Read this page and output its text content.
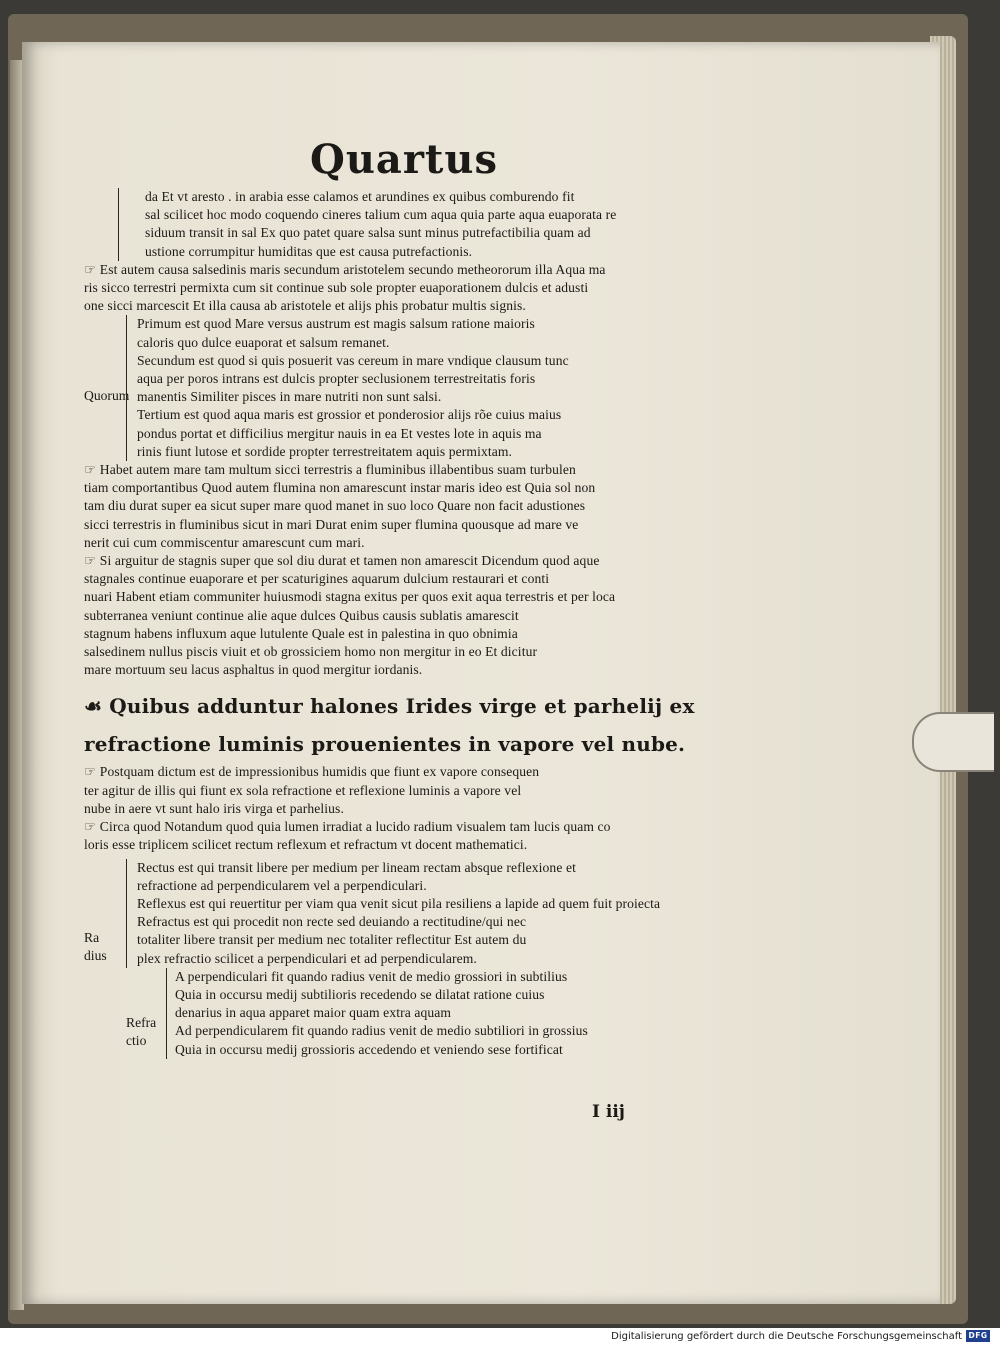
Quartus
da Et vt aresto . in arabia esse calamos et arundines ex quibus comburendo fit
sal scilicet hoc modo coquendo cineres talium cum aqua quia parte aqua euaporata re
siduum transit in sal Ex quo patet quare salsa sunt minus putrefactibilia quam ad
ustione corrumpitur humiditas que est causa putrefactionis.
☞ Est autem causa salsedinis maris secundum aristotelem secundo metheororum illa Aqua ma
ris sicco terrestri permixta cum sit continue sub sole propter euaporationem dulcis et adusti
one sicci marcescit Et illa causa ab aristotele et alijs phis probatur multis signis.
Quorum
Primum est quod Mare versus austrum est magis salsum ratione maioris
caloris quo dulce euaporat et salsum remanet.
Secundum est quod si quis posuerit vas cereum in mare vndique clausum tunc
aqua per poros intrans est dulcis propter seclusionem terrestreitatis foris
manentis Similiter pisces in mare nutriti non sunt salsi.
Tertium est quod aqua maris est grossior et ponderosior alijs rõe cuius maius
pondus portat et difficilius mergitur nauis in ea Et vestes lote in aquis ma
rinis fiunt lutose et sordide propter terrestreitatem aquis permixtam.
☞ Habet autem mare tam multum sicci terrestris a fluminibus illabentibus suam turbulen
tiam comportantibus Quod autem flumina non amarescunt instar maris ideo est Quia sol non
tam diu durat super ea sicut super mare quod manet in suo loco Quare non facit adustiones
sicci terrestris in fluminibus sicut in mari Durat enim super flumina quousque ad mare ve
nerit cui cum commiscentur amarescunt cum mari.
☞ Si arguitur de stagnis super que sol diu durat et tamen non amarescit Dicendum quod aque
stagnales continue euaporare et per scaturigines aquarum dulcium restaurari et conti
nuari Habent etiam communiter huiusmodi stagna exitus per quos exit aqua terrestris et per loca
subterranea veniunt continue alie aque dulces Quibus causis sublatis amarescit
stagnum habens influxum aque lutulente Quale est in palestina in quo obnimia
salsedinem nullus piscis viuit et ob grossiciem homo non mergitur in eo Et dicitur
mare mortuum seu lacus asphaltus in quod mergitur iordanis.
☙ Quibus adduntur halones Irides virge et parhelij ex
refractione luminis prouenientes in vapore vel nube.
☞ Postquam dictum est de impressionibus humidis que fiunt ex vapore consequen
ter agitur de illis qui fiunt ex sola refractione et reflexione luminis a vapore vel
nube in aere vt sunt halo iris virga et parhelius.
☞ Circa quod Notandum quod quia lumen irradiat a lucido radium visualem tam lucis quam co
loris esse triplicem scilicet rectum reflexum et refractum vt docent mathematici.
Ra
dius
Rectus est qui transit libere per medium per lineam rectam absque reflexione et
refractione ad perpendicularem vel a perpendiculari.
Reflexus est qui reuertitur per viam qua venit sicut pila resiliens a lapide ad quem fuit proiecta
Refractus est qui procedit non recte sed deuiando a rectitudine/qui nec
totaliter libere transit per medium nec totaliter reflectitur Est autem du
plex refractio scilicet a perpendiculari et ad perpendicularem.
Refra
ctio
A perpendiculari fit quando radius venit de medio grossiori in subtilius
Quia in occursu medij subtilioris recedendo se dilatat ratione cuius
denarius in aqua apparet maior quam extra aquam
Ad perpendicularem fit quando radius venit de medio subtiliori in grossius
Quia in occursu medij grossioris accedendo et veniendo sese fortificat
I iij
Digitalisierung gefördert durch die Deutsche Forschungsgemeinschaft DFG
